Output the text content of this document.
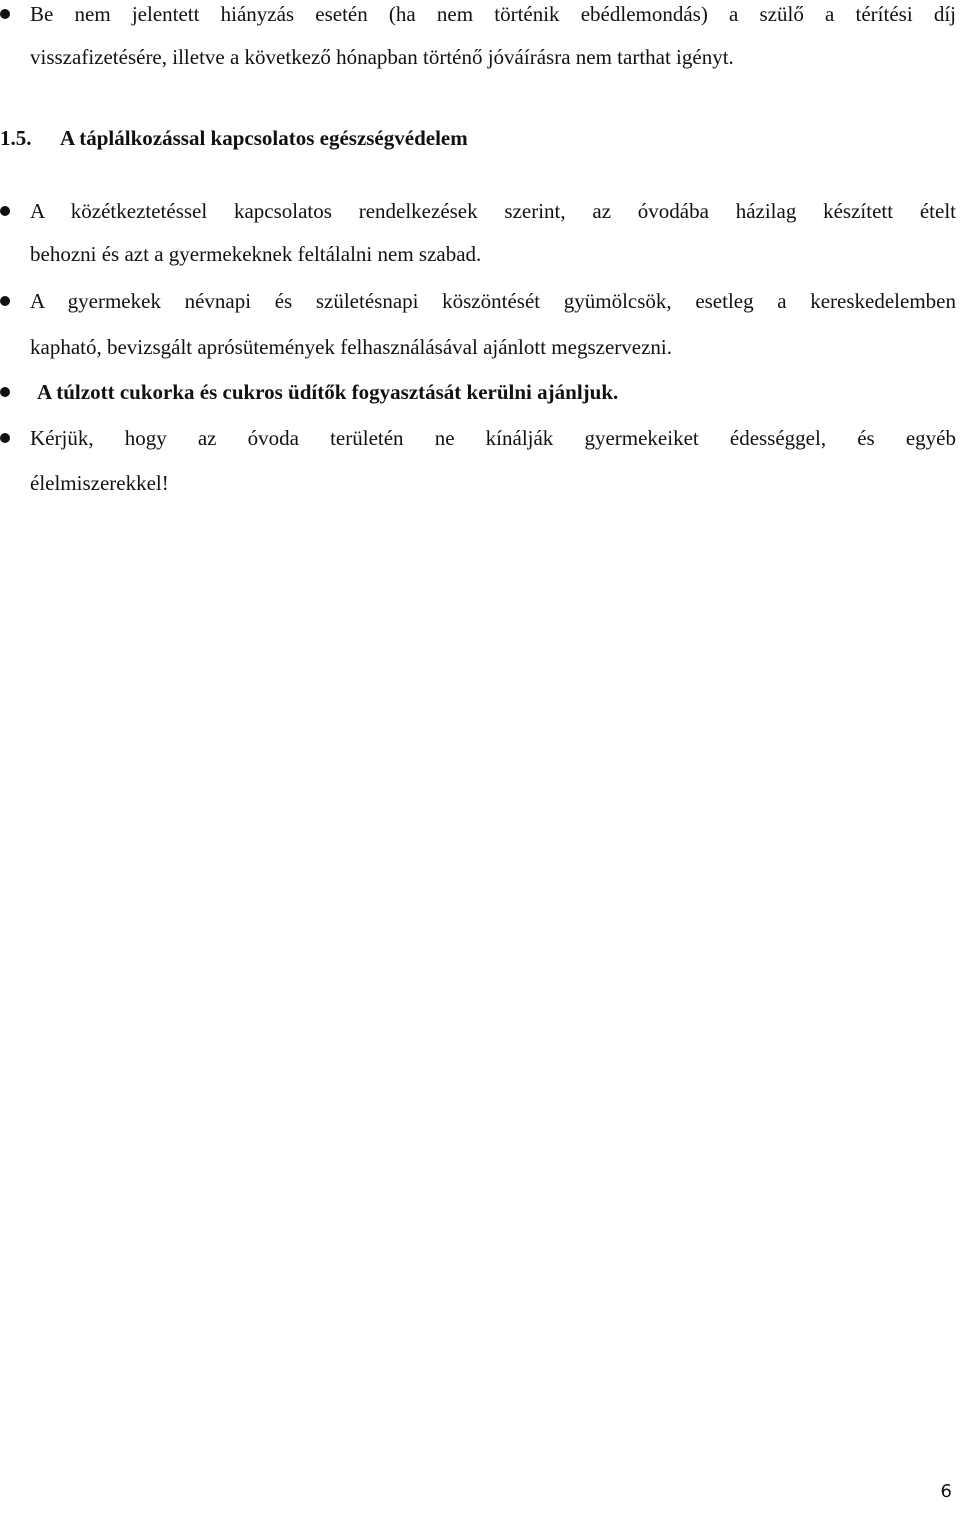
Be nem jelentett hiányzás esetén (ha nem történik ebédlemondás) a szülő a térítési díj
visszafizetésére, illetve a következő hónapban történő jóváírásra nem tarthat igényt.
1.5. A táplálkozással kapcsolatos egészségvédelem
A közétkeztetéssel kapcsolatos rendelkezések szerint, az óvodába házilag készített ételt
behozni és azt a gyermekeknek feltálalni nem szabad.
A gyermekek névnapi és születésnapi köszöntését gyümölcsök, esetleg a kereskedelemben
kapható, bevizsgált aprósütemények felhasználásával ajánlott megszervezni.
A túlzott cukorka és cukros üdítők fogyasztását kerülni ajánljuk.
Kérjük, hogy az óvoda területén ne kínálják gyermekeiket édességgel, és egyéb
élelmiszerekkel!
6
